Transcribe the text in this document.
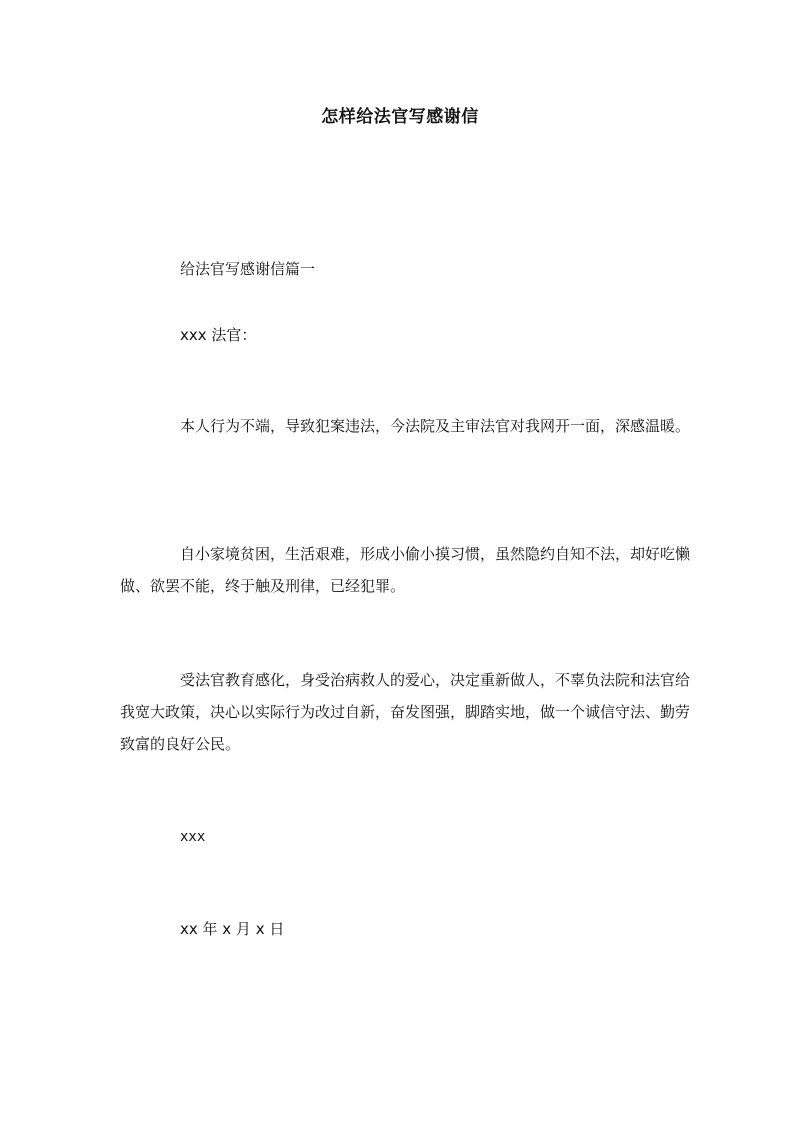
怎样给法官写感谢信
给法官写感谢信篇一
xxx 法官：
本人行为不端，导致犯案违法，今法院及主审法官对我网开一面，深感温暖。
自小家境贫困，生活艰难，形成小偷小摸习惯，虽然隐约自知不法，却好吃懒做、欲罢不能，终于触及刑律，已经犯罪。
受法官教育感化，身受治病救人的爱心，决定重新做人，不辜负法院和法官给我宽大政策，决心以实际行为改过自新，奋发图强，脚踏实地，做一个诚信守法、勤劳致富的良好公民。
xxx
xx 年 x 月 x 日
